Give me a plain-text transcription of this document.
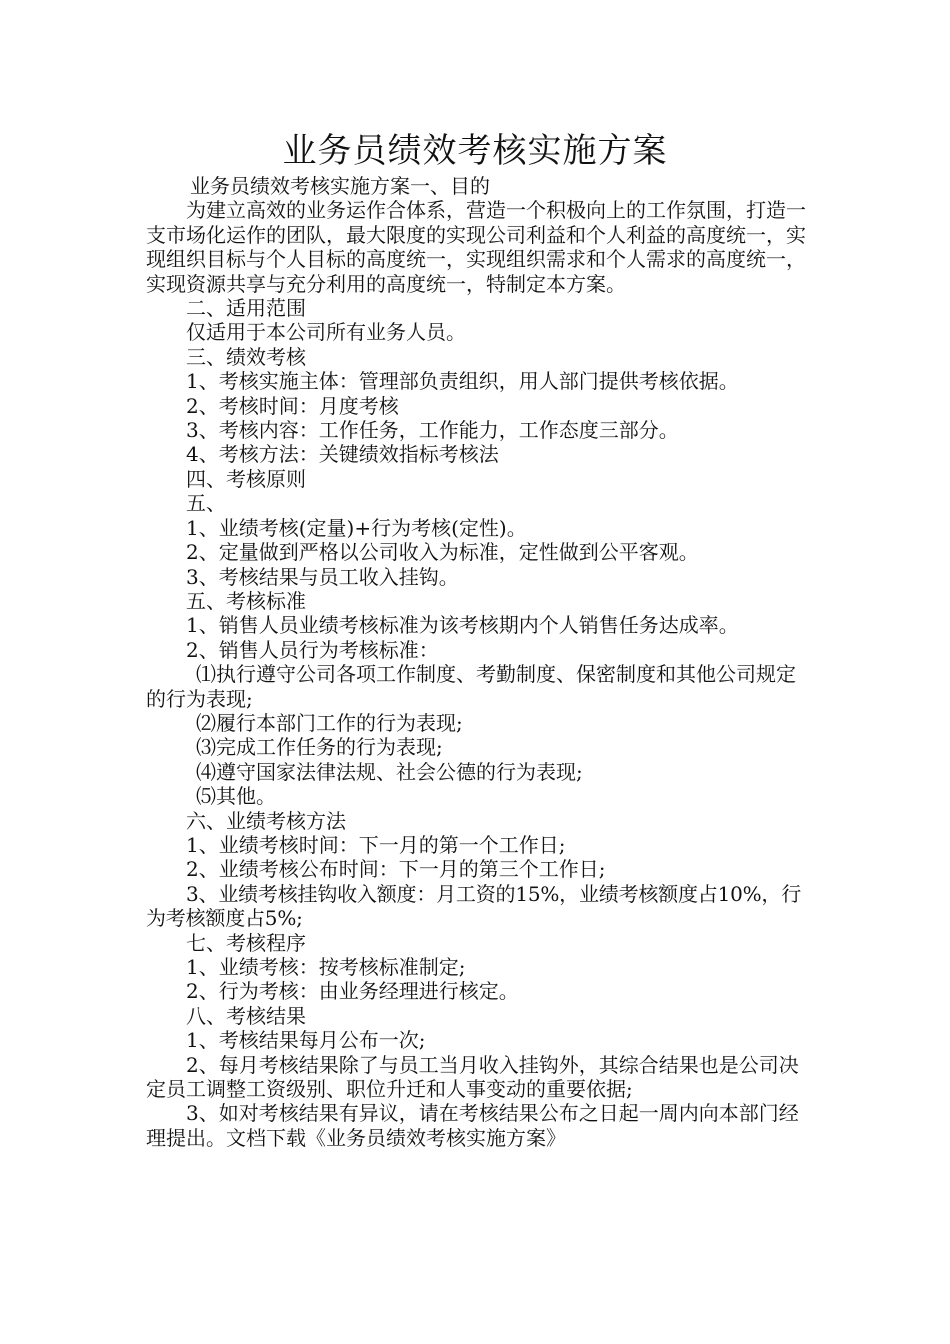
业务员绩效考核实施方案

业务员绩效考核实施方案一、目的

为建立高效的业务运作合体系，营造一个积极向上的工作氛围，打造一支市场化运作的团队，最大限度的实现公司利益和个人利益的高度统一，实现组织目标与个人目标的高度统一，实现组织需求和个人需求的高度统一，实现资源共享与充分利用的高度统一，特制定本方案。

二、适用范围

仅适用于本公司所有业务人员。

三、绩效考核

1、考核实施主体：管理部负责组织，用人部门提供考核依据。

2、考核时间：月度考核

3、考核内容：工作任务，工作能力，工作态度三部分。

4、考核方法：关键绩效指标考核法

四、考核原则

五、

1、业绩考核(定量)+行为考核(定性)。

2、定量做到严格以公司收入为标准，定性做到公平客观。

3、考核结果与员工收入挂钩。

五、考核标准

1、销售人员业绩考核标准为该考核期内个人销售任务达成率。

2、销售人员行为考核标准：

⑴执行遵守公司各项工作制度、考勤制度、保密制度和其他公司规定的行为表现;

⑵履行本部门工作的行为表现;

⑶完成工作任务的行为表现;

⑷遵守国家法律法规、社会公德的行为表现;

⑸其他。

六、业绩考核方法

1、业绩考核时间：下一月的第一个工作日;

2、业绩考核公布时间：下一月的第三个工作日;

3、业绩考核挂钩收入额度：月工资的15%，业绩考核额度占10%，行为考核额度占5%;

七、考核程序

1、业绩考核：按考核标准制定;

2、行为考核：由业务经理进行核定。

八、考核结果

1、考核结果每月公布一次;

2、每月考核结果除了与员工当月收入挂钩外，其综合结果也是公司决定员工调整工资级别、职位升迁和人事变动的重要依据;

3、如对考核结果有异议，请在考核结果公布之日起一周内向本部门经理提出。文档下载《业务员绩效考核实施方案》
